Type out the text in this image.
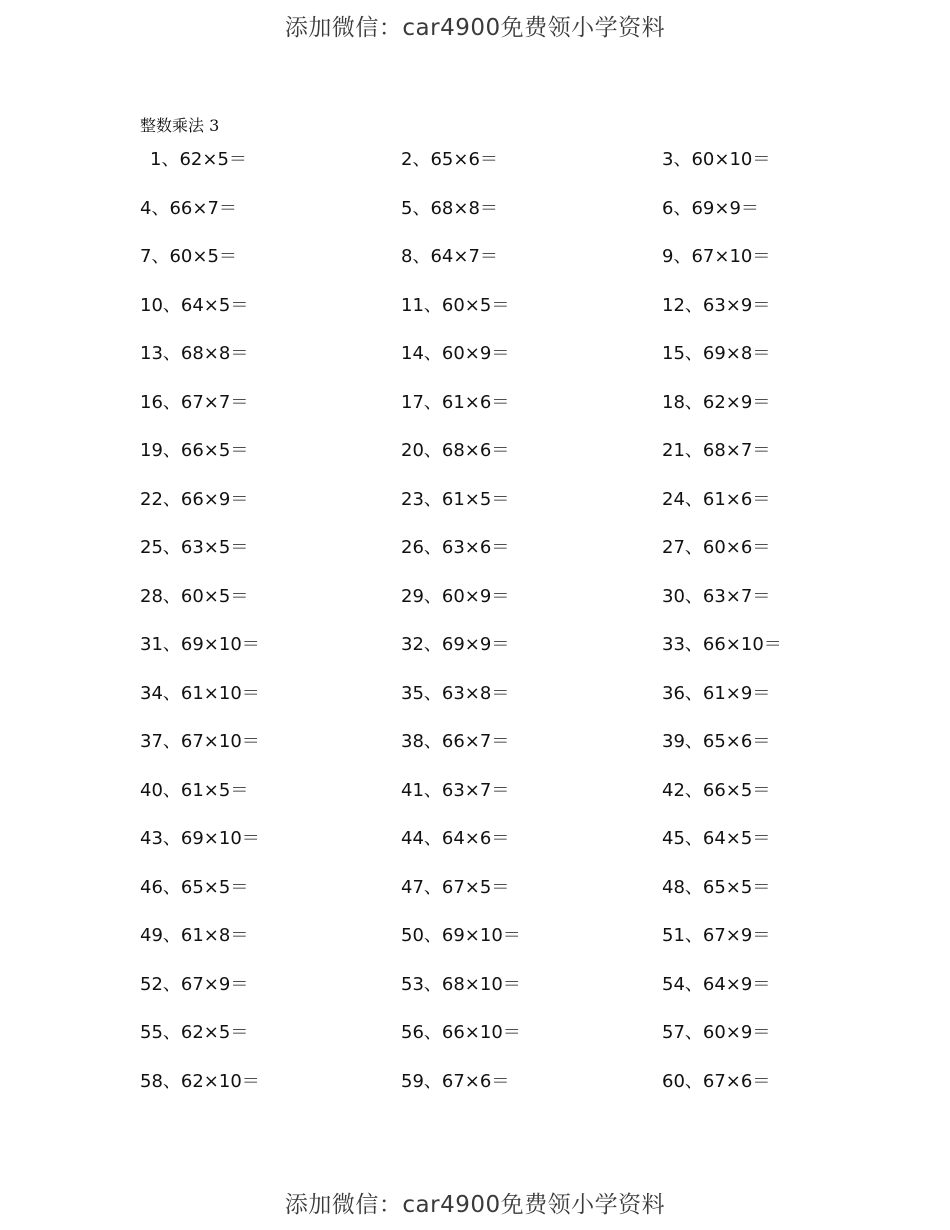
添加微信：car4900免费领小学资料
整数乘法 3
1、62×5＝	2、65×6＝	3、60×10＝
4、66×7＝	5、68×8＝	6、69×9＝
7、60×5＝	8、64×7＝	9、67×10＝
10、64×5＝	11、60×5＝	12、63×9＝
13、68×8＝	14、60×9＝	15、69×8＝
16、67×7＝	17、61×6＝	18、62×9＝
19、66×5＝	20、68×6＝	21、68×7＝
22、66×9＝	23、61×5＝	24、61×6＝
25、63×5＝	26、63×6＝	27、60×6＝
28、60×5＝	29、60×9＝	30、63×7＝
31、69×10＝	32、69×9＝	33、66×10＝
34、61×10＝	35、63×8＝	36、61×9＝
37、67×10＝	38、66×7＝	39、65×6＝
40、61×5＝	41、63×7＝	42、66×5＝
43、69×10＝	44、64×6＝	45、64×5＝
46、65×5＝	47、67×5＝	48、65×5＝
49、61×8＝	50、69×10＝	51、67×9＝
52、67×9＝	53、68×10＝	54、64×9＝
55、62×5＝	56、66×10＝	57、60×9＝
58、62×10＝	59、67×6＝	60、67×6＝
添加微信：car4900免费领小学资料
